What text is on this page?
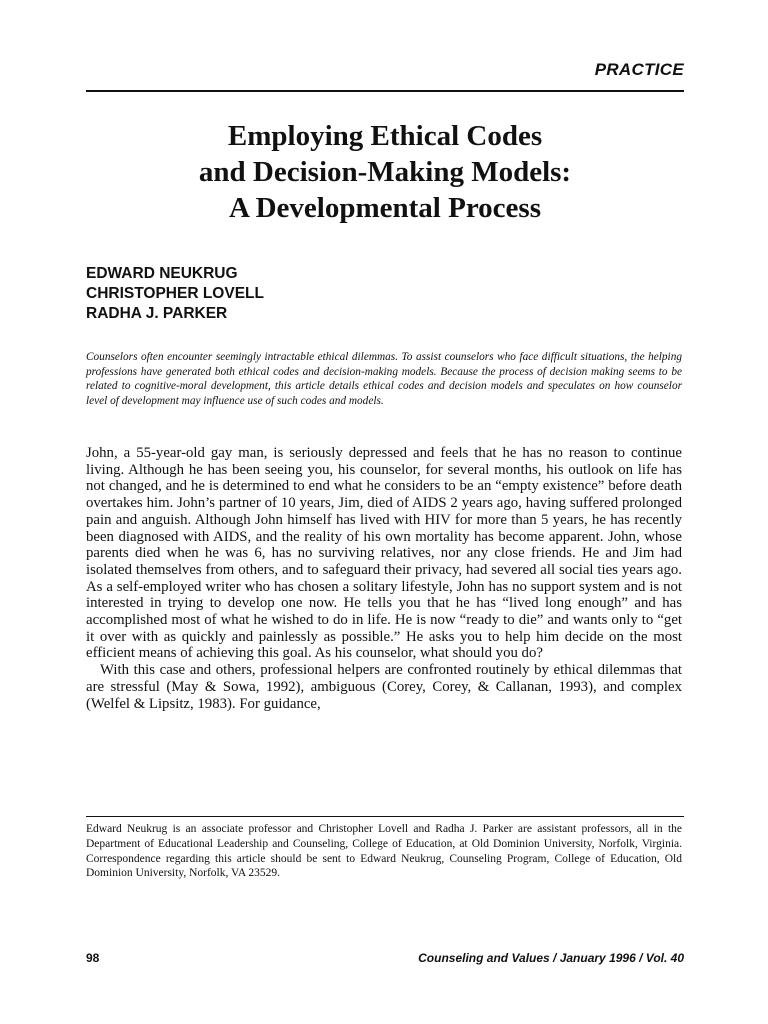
PRACTICE
Employing Ethical Codes
and Decision-Making Models:
A Developmental Process
EDWARD NEUKRUG
CHRISTOPHER LOVELL
RADHA J. PARKER

Counselors often encounter seemingly intractable ethical dilemmas. To assist counselors who face difficult situations, the helping professions have generated both ethical codes and decision-making models. Because the process of decision making seems to be related to cognitive-moral development, this article details ethical codes and decision models and speculates on how counselor level of development may influence use of such codes and models.

John, a 55-year-old gay man, is seriously depressed and feels that he has no reason to continue living. Although he has been seeing you, his counselor, for several months, his outlook on life has not changed, and he is determined to end what he considers to be an “empty existence” before death overtakes him. John’s partner of 10 years, Jim, died of AIDS 2 years ago, having suffered prolonged pain and anguish. Although John himself has lived with HIV for more than 5 years, he has recently been diagnosed with AIDS, and the reality of his own mortality has become apparent. John, whose parents died when he was 6, has no surviving relatives, nor any close friends. He and Jim had isolated themselves from others, and to safeguard their privacy, had severed all social ties years ago. As a self-employed writer who has chosen a solitary lifestyle, John has no support system and is not interested in trying to develop one now. He tells you that he has “lived long enough” and has accomplished most of what he wished to do in life. He is now “ready to die” and wants only to “get it over with as quickly and painlessly as possible.” He asks you to help him decide on the most efficient means of achieving this goal. As his counselor, what should you do?

With this case and others, professional helpers are confronted routinely by ethical dilemmas that are stressful (May & Sowa, 1992), ambiguous (Corey, Corey, & Callanan, 1993), and complex (Welfel & Lipsitz, 1983). For guidance,

Edward Neukrug is an associate professor and Christopher Lovell and Radha J. Parker are assistant professors, all in the Department of Educational Leadership and Counseling, College of Education, at Old Dominion University, Norfolk, Virginia. Correspondence regarding this article should be sent to Edward Neukrug, Counseling Program, College of Education, Old Dominion University, Norfolk, VA 23529.

98	Counseling and Values / January 1996 / Vol. 40
